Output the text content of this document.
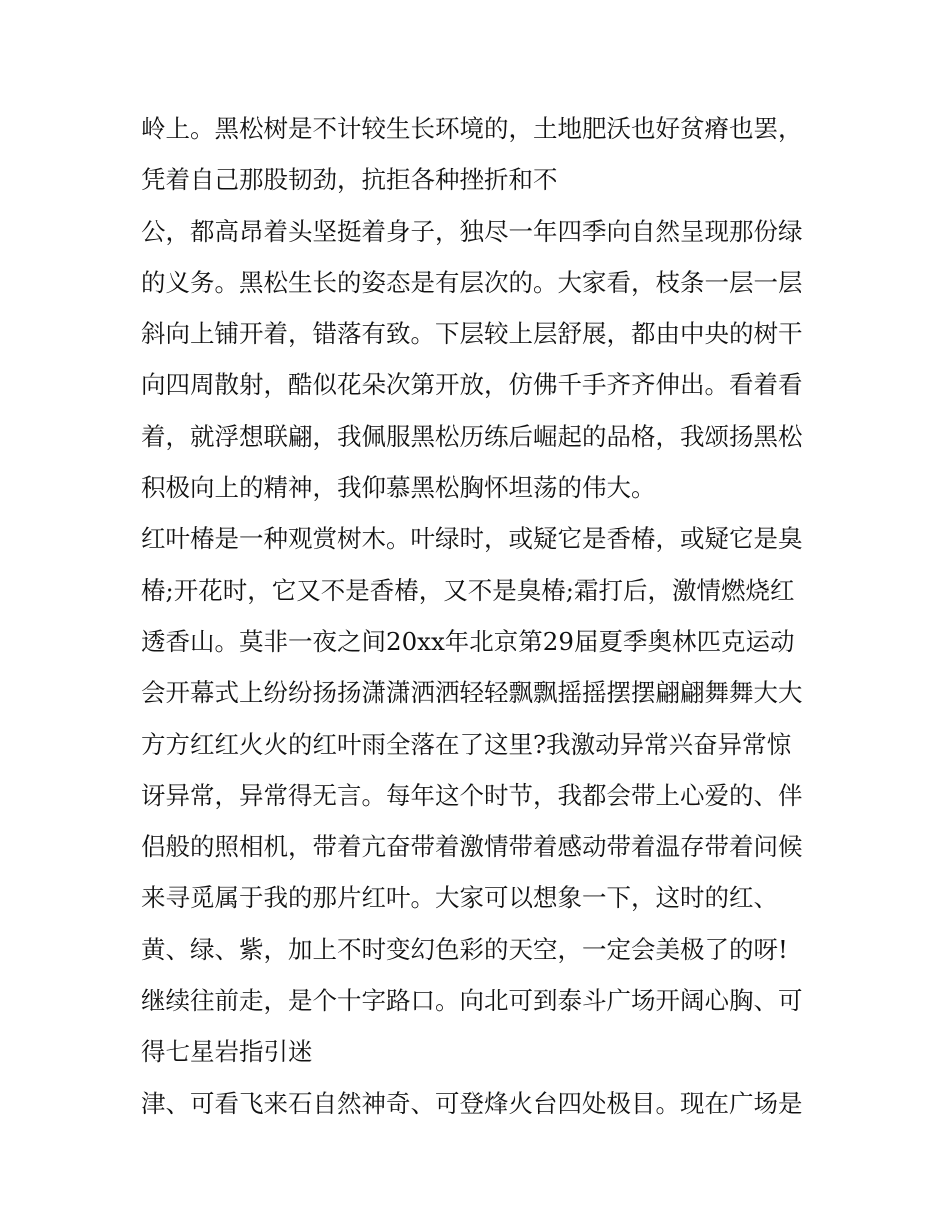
岭上。黑松树是不计较生长环境的，土地肥沃也好贫瘠也罢，
凭着自己那股韧劲，抗拒各种挫折和不
公，都高昂着头坚挺着身子，独尽一年四季向自然呈现那份绿
的义务。黑松生长的姿态是有层次的。大家看，枝条一层一层
斜向上铺开着，错落有致。下层较上层舒展，都由中央的树干
向四周散射，酷似花朵次第开放，仿佛千手齐齐伸出。看着看
着，就浮想联翩，我佩服黑松历练后崛起的品格，我颂扬黑松
积极向上的精神，我仰慕黑松胸怀坦荡的伟大。
红叶椿是一种观赏树木。叶绿时，或疑它是香椿，或疑它是臭
椿;开花时，它又不是香椿，又不是臭椿;霜打后，激情燃烧红
透香山。莫非一夜之间20xx年北京第29届夏季奥林匹克运动
会开幕式上纷纷扬扬潇潇洒洒轻轻飘飘摇摇摆摆翩翩舞舞大大
方方红红火火的红叶雨全落在了这里?我激动异常兴奋异常惊
讶异常，异常得无言。每年这个时节，我都会带上心爱的、伴
侣般的照相机，带着亢奋带着激情带着感动带着温存带着问候
来寻觅属于我的那片红叶。大家可以想象一下，这时的红、
黄、绿、紫，加上不时变幻色彩的天空，一定会美极了的呀!
继续往前走，是个十字路口。向北可到泰斗广场开阔心胸、可
得七星岩指引迷
津、可看飞来石自然神奇、可登烽火台四处极目。现在广场是
